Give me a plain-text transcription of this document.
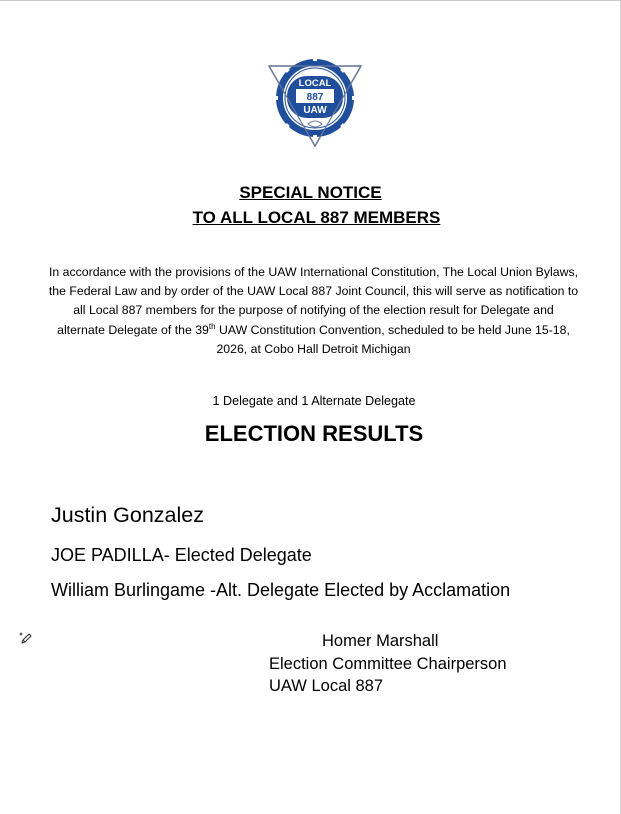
LOCAL
887
UAW
SPECIAL NOTICE
TO ALL LOCAL 887 MEMBERS
In accordance with the provisions of the UAW International Constitution, The Local Union Bylaws, the Federal Law and by order of the UAW Local 887 Joint Council, this will serve as notification to all Local 887 members for the purpose of notifying of the election result for Delegate and alternate Delegate of the 39th UAW Constitution Convention, scheduled to be held June 15-18, 2026, at Cobo Hall Detroit Michigan
1 Delegate and 1 Alternate Delegate
ELECTION RESULTS
Justin Gonzalez
JOE PADILLA- Elected Delegate
William Burlingame -Alt. Delegate Elected by Acclamation
Homer Marshall
Election Committee Chairperson
UAW Local 887
